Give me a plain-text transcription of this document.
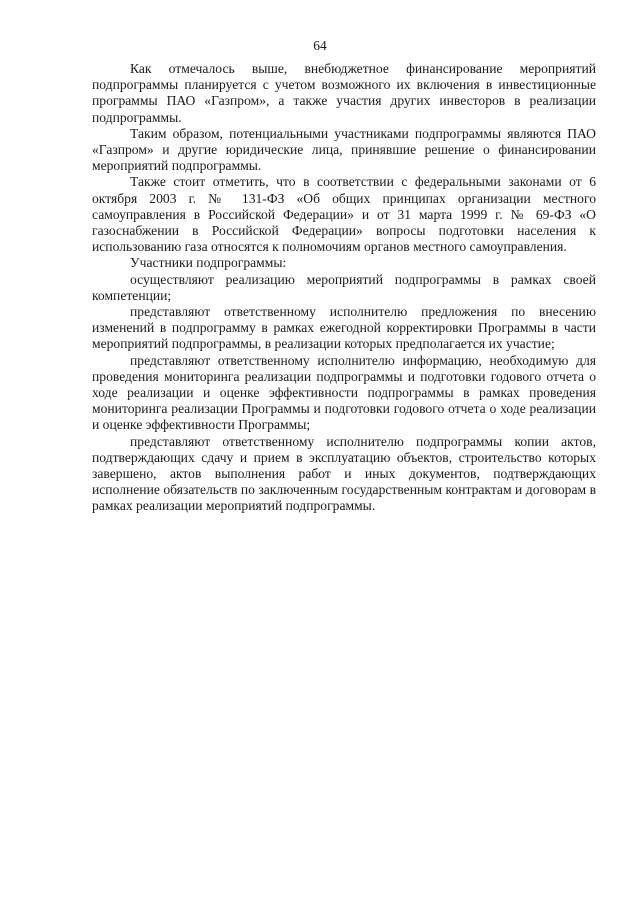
64

Как отмечалось выше, внебюджетное финансирование мероприятий подпрограммы планируется с учетом возможного их включения в инвестиционные программы ПАО «Газпром», а также участия других инвесторов в реализации подпрограммы.

Таким образом, потенциальными участниками подпрограммы являются ПАО «Газпром» и другие юридические лица, принявшие решение о финансировании мероприятий подпрограммы.

Также стоит отметить, что в соответствии с федеральными законами от 6 октября 2003 г. № 131-ФЗ «Об общих принципах организации местного самоуправления в Российской Федерации» и от 31 марта 1999 г. № 69-ФЗ «О газоснабжении в Российской Федерации» вопросы подготовки населения к использованию газа относятся к полномочиям органов местного самоуправления.

Участники подпрограммы:

осуществляют реализацию мероприятий подпрограммы в рамках своей компетенции;

представляют ответственному исполнителю предложения по внесению изменений в подпрограмму в рамках ежегодной корректировки Программы в части мероприятий подпрограммы, в реализации которых предполагается их участие;

представляют ответственному исполнителю информацию, необходимую для проведения мониторинга реализации подпрограммы и подготовки годового отчета о ходе реализации и оценке эффективности подпрограммы в рамках проведения мониторинга реализации Программы и подготовки годового отчета о ходе реализации и оценке эффективности Программы;

представляют ответственному исполнителю подпрограммы копии актов, подтверждающих сдачу и прием в эксплуатацию объектов, строительство которых завершено, актов выполнения работ и иных документов, подтверждающих исполнение обязательств по заключенным государственным контрактам и договорам в рамках реализации мероприятий подпрограммы.
